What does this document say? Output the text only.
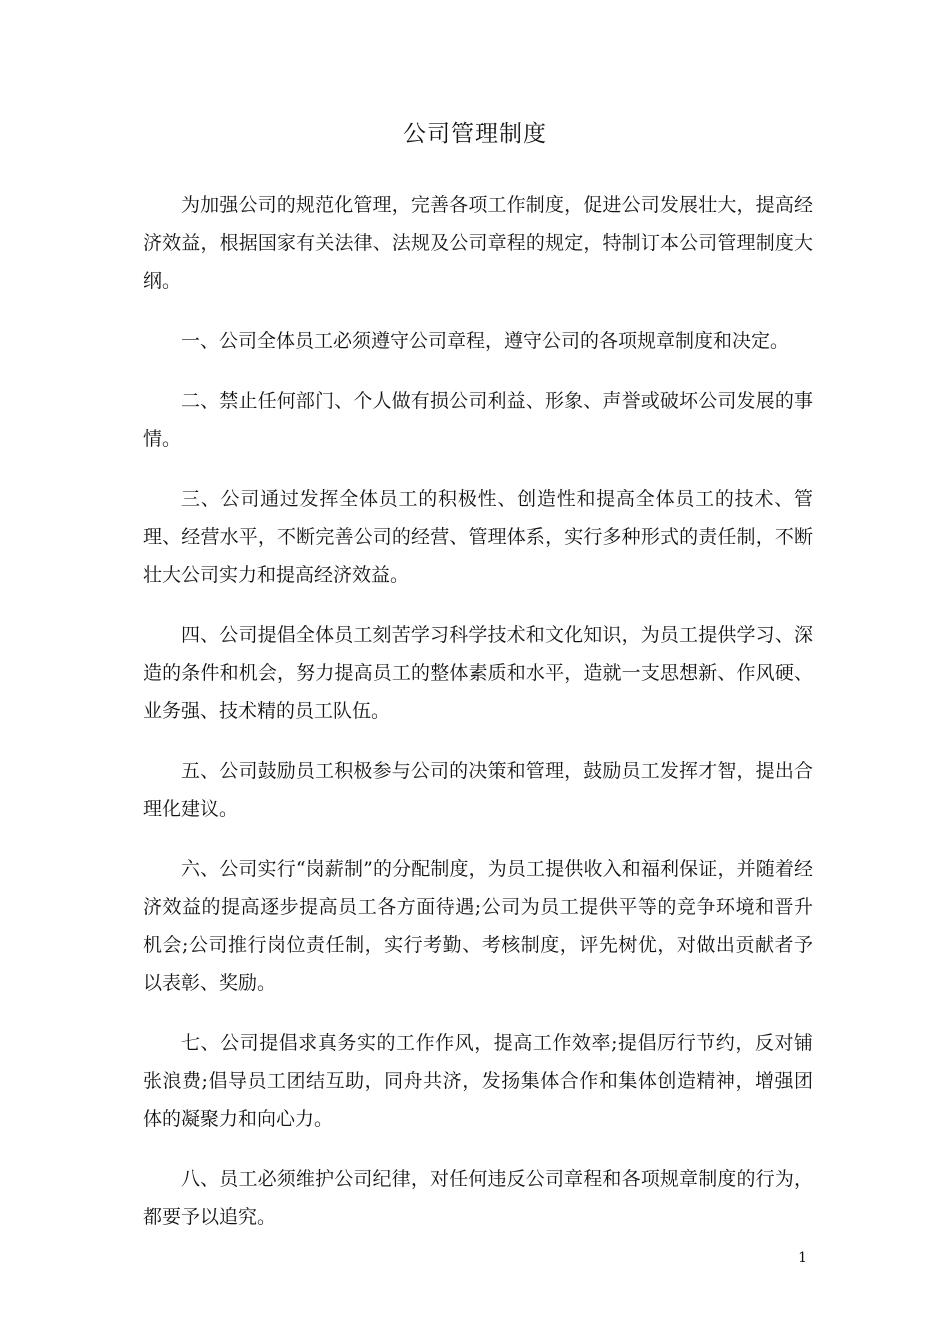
公司管理制度

为加强公司的规范化管理，完善各项工作制度，促进公司发展壮大，提高经济效益，根据国家有关法律、法规及公司章程的规定，特制订本公司管理制度大纲。

一、公司全体员工必须遵守公司章程，遵守公司的各项规章制度和决定。

二、禁止任何部门、个人做有损公司利益、形象、声誉或破坏公司发展的事情。

三、公司通过发挥全体员工的积极性、创造性和提高全体员工的技术、管理、经营水平，不断完善公司的经营、管理体系，实行多种形式的责任制，不断壮大公司实力和提高经济效益。

四、公司提倡全体员工刻苦学习科学技术和文化知识，为员工提供学习、深造的条件和机会，努力提高员工的整体素质和水平，造就一支思想新、作风硬、业务强、技术精的员工队伍。

五、公司鼓励员工积极参与公司的决策和管理，鼓励员工发挥才智，提出合理化建议。

六、公司实行“岗薪制”的分配制度，为员工提供收入和福利保证，并随着经济效益的提高逐步提高员工各方面待遇;公司为员工提供平等的竞争环境和晋升机会;公司推行岗位责任制，实行考勤、考核制度，评先树优，对做出贡献者予以表彰、奖励。

七、公司提倡求真务实的工作作风，提高工作效率;提倡厉行节约，反对铺张浪费;倡导员工团结互助，同舟共济，发扬集体合作和集体创造精神，增强团体的凝聚力和向心力。

八、员工必须维护公司纪律，对任何违反公司章程和各项规章制度的行为，都要予以追究。

1
